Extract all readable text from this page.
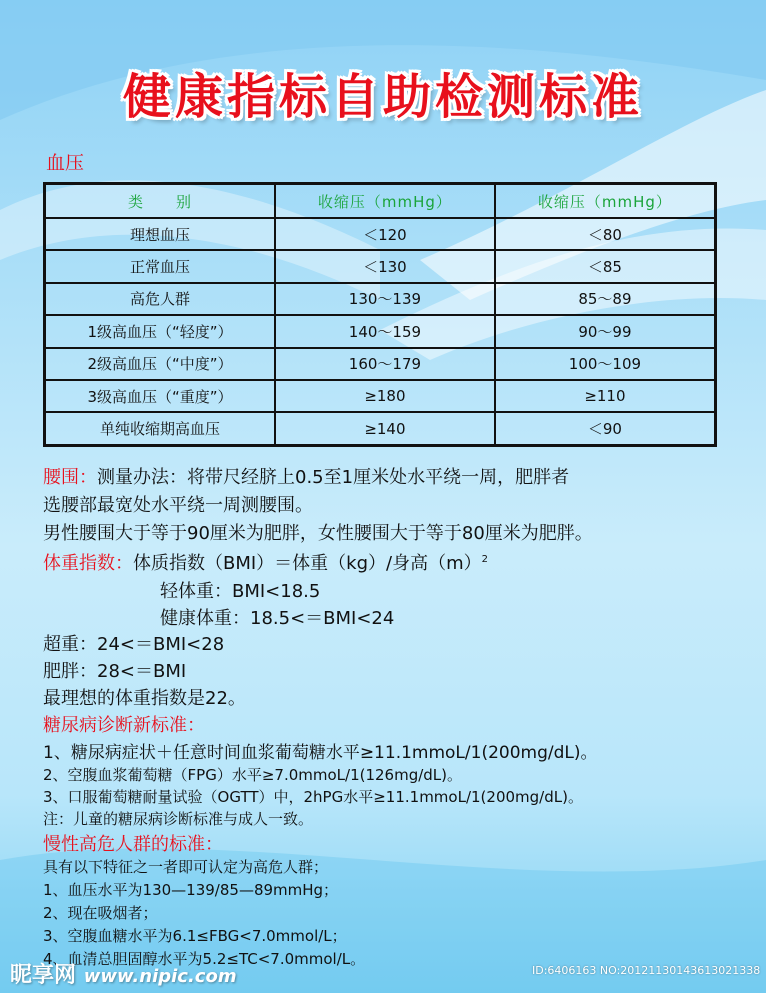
健康指标自助检测标准
血压
类　　别	收缩压（mmHg）	收缩压（mmHg）
理想血压	＜120	＜80
正常血压	＜130	＜85
高危人群	130～139	85～89
1级高血压（“轻度”）	140～159	90～99
2级高血压（“中度”）	160～179	100～109
3级高血压（“重度”）	≥180	≥110
单纯收缩期高血压	≥140	＜90
腰围：测量办法：将带尺经脐上0.5至1厘米处水平绕一周，肥胖者
选腰部最宽处水平绕一周测腰围。
男性腰围大于等于90厘米为肥胖，女性腰围大于等于80厘米为肥胖。
体重指数：体质指数（BMI）＝体重（kg）/身高$(m)^2$
轻体重：BMI<18.5
健康体重：18.5<＝BMI<24
超重：24<＝BMI<28
肥胖：28<＝BMI
最理想的体重指数是22。
糖尿病诊断新标准：
1、糖尿病症状＋任意时间血浆葡萄糖水平≥11.1mmoL/1(200mg/dL)。
2、空腹血浆葡萄糖（FPG）水平≥7.0mmoL/1(126mg/dL)。
3、口服葡萄糖耐量试验（OGTT）中，2hPG水平≥11.1mmoL/1(200mg/dL)。
注：儿童的糖尿病诊断标准与成人一致。
慢性高危人群的标准：
具有以下特征之一者即可认定为高危人群；
1、血压水平为130—139/85—89mmHg；
2、现在吸烟者；
3、空腹血糖水平为6.1≤FBG<7.0mmol/L；
4、血清总胆固醇水平为5.2≤TC<7.0mmol/L。
昵享网 www.nipic.com	ID:6406163 NO:20121130143613021338
